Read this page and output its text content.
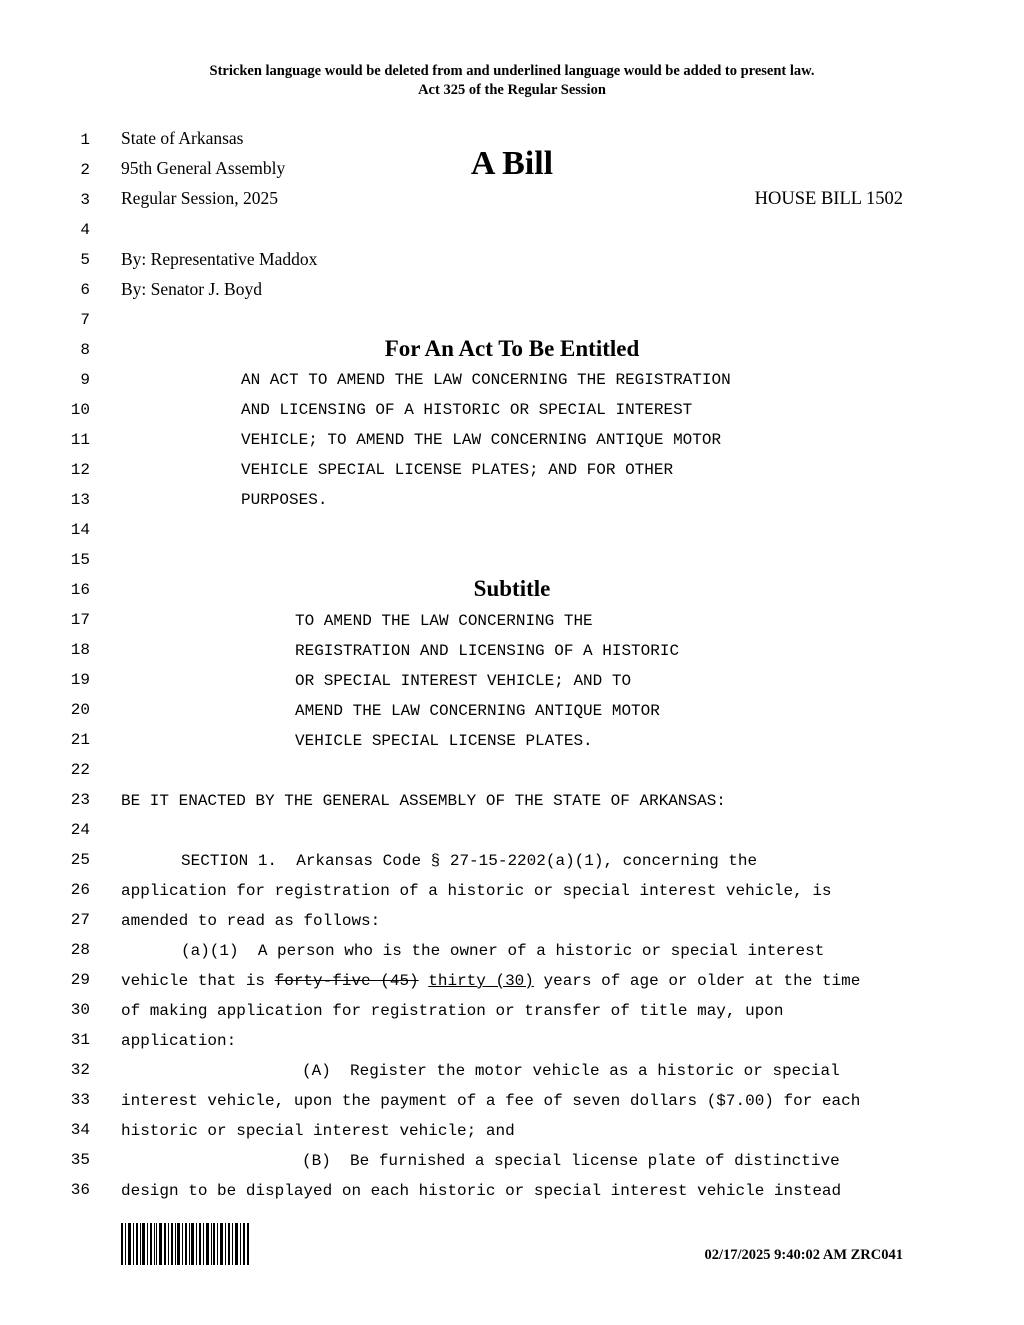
Stricken language would be deleted from and underlined language would be added to present law.
Act 325 of the Regular Session
1
2
3
4
5
6
7
8
9
10
11
12
13
14
15
16
17
18
19
20
21
22
23
24
25
26
27
28
29
30
31
32
33
34
35
36
State of Arkansas
95th General Assembly	A Bill
Regular Session, 2025	HOUSE BILL 1502
By: Representative Maddox
By: Senator J. Boyd
For An Act To Be Entitled
AN ACT TO AMEND THE LAW CONCERNING THE REGISTRATION
AND LICENSING OF A HISTORIC OR SPECIAL INTEREST
VEHICLE; TO AMEND THE LAW CONCERNING ANTIQUE MOTOR
VEHICLE SPECIAL LICENSE PLATES; AND FOR OTHER
PURPOSES.
Subtitle
TO AMEND THE LAW CONCERNING THE
REGISTRATION AND LICENSING OF A HISTORIC
OR SPECIAL INTEREST VEHICLE; AND TO
AMEND THE LAW CONCERNING ANTIQUE MOTOR
VEHICLE SPECIAL LICENSE PLATES.
BE IT ENACTED BY THE GENERAL ASSEMBLY OF THE STATE OF ARKANSAS:
SECTION 1.  Arkansas Code § 27-15-2202(a)(1), concerning the
application for registration of a historic or special interest vehicle, is
amended to read as follows:
(a)(1)  A person who is the owner of a historic or special interest
vehicle that is forty-five (45) thirty (30) years of age or older at the time
of making application for registration or transfer of title may, upon
application:
(A)  Register the motor vehicle as a historic or special
interest vehicle, upon the payment of a fee of seven dollars ($7.00) for each
historic or special interest vehicle; and
(B)  Be furnished a special license plate of distinctive
design to be displayed on each historic or special interest vehicle instead
02/17/2025 9:40:02 AM ZRC041
